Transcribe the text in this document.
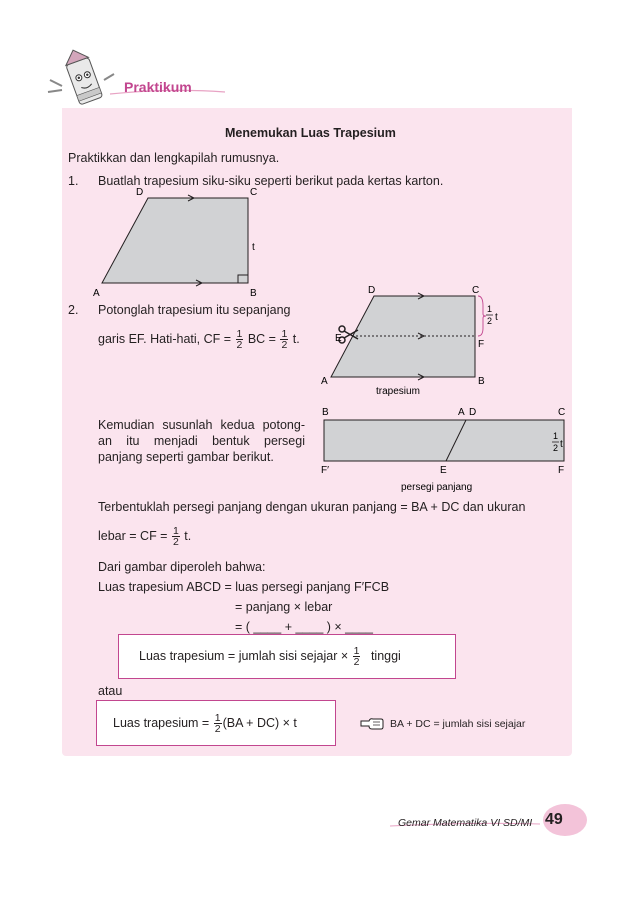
Praktikum
Menemukan Luas Trapesium
Praktikkan dan lengkapilah rumusnya.
1. Buatlah trapesium siku-siku seperti berikut pada kertas karton.
D	C
A	B
t
2. Potonglah trapesium itu sepanjang
garis EF. Hati-hati, CF = $\frac{1}{2}$ BC = $\frac{1}{2} t$.
D	C
E
F
A	B
1
2 t
trapesium
Kemudian susunlah kedua potong-
an itu menjadi bentuk persegi
panjang seperti gambar berikut.
B	A D	C
F′	E	F
1
2 t
persegi panjang
Terbentuklah persegi panjang dengan ukuran panjang = BA + DC dan ukuran
lebar = CF = $\frac{1}{2} t$.
Dari gambar diperoleh bahwa:
Luas trapesium ABCD = luas persegi panjang F′FCB
= panjang × lebar
= ( ____ + ____ ) × ____
Luas trapesium = jumlah sisi sejajar × $\frac{1}{2}$ tinggi
atau
Luas trapesium = $\frac{1}{2} (BA + DC) \times t$	BA + DC = jumlah sisi sejajar
Gemar Matematika VI SD/MI 49
